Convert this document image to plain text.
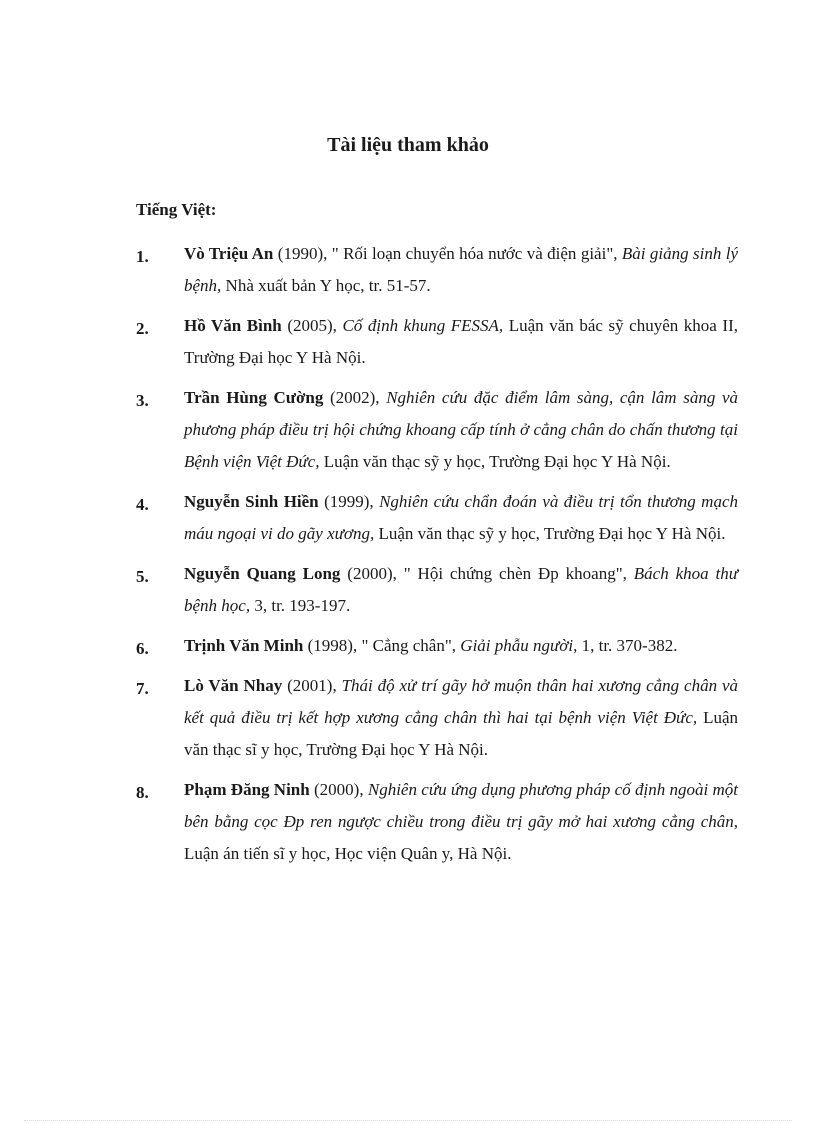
Tài liệu tham khảo
Tiếng Việt:
1.	Vò Triệu An (1990), " Rối loạn chuyển hóa nước và điện giải", Bài giảng sinh lý bệnh, Nhà xuất bản Y học, tr. 51-57.
2.	Hồ Văn Bình (2005), Cố định khung FESSA, Luận văn bác sỹ chuyên khoa II, Trường Đại học Y Hà Nội.
3.	Trần Hùng Cường (2002), Nghiên cứu đặc điểm lâm sàng, cận lâm sàng và phương pháp điều trị hội chứng khoang cấp tính ở cẳng chân do chấn thương tại Bệnh viện Việt Đức, Luận văn thạc sỹ y học, Trường Đại học Y Hà Nội.
4.	Nguyễn Sinh Hiền (1999), Nghiên cứu chẩn đoán và điều trị tổn thương mạch máu ngoại vi do gãy xương, Luận văn thạc sỹ y học, Trường Đại học Y Hà Nội.
5.	Nguyễn Quang Long (2000), " Hội chứng chèn Đp khoang", Bách khoa thư bệnh học, 3, tr. 193-197.
6.	Trịnh Văn Minh (1998), " Cẳng chân", Giải phẫu người, 1, tr. 370-382.
7.	Lò Văn Nhay (2001), Thái độ xử trí gãy hở muộn thân hai xương cẳng chân và kết quả điều trị kết hợp xương cẳng chân thì hai tại bệnh viện Việt Đức, Luận văn thạc sĩ y học, Trường Đại học Y Hà Nội.
8.	Phạm Đăng Ninh (2000), Nghiên cứu ứng dụng phương pháp cố định ngoài một bên bằng cọc Đp ren ngược chiều trong điều trị gãy mở hai xương cẳng chân, Luận án tiến sĩ y học, Học viện Quân y, Hà Nội.
